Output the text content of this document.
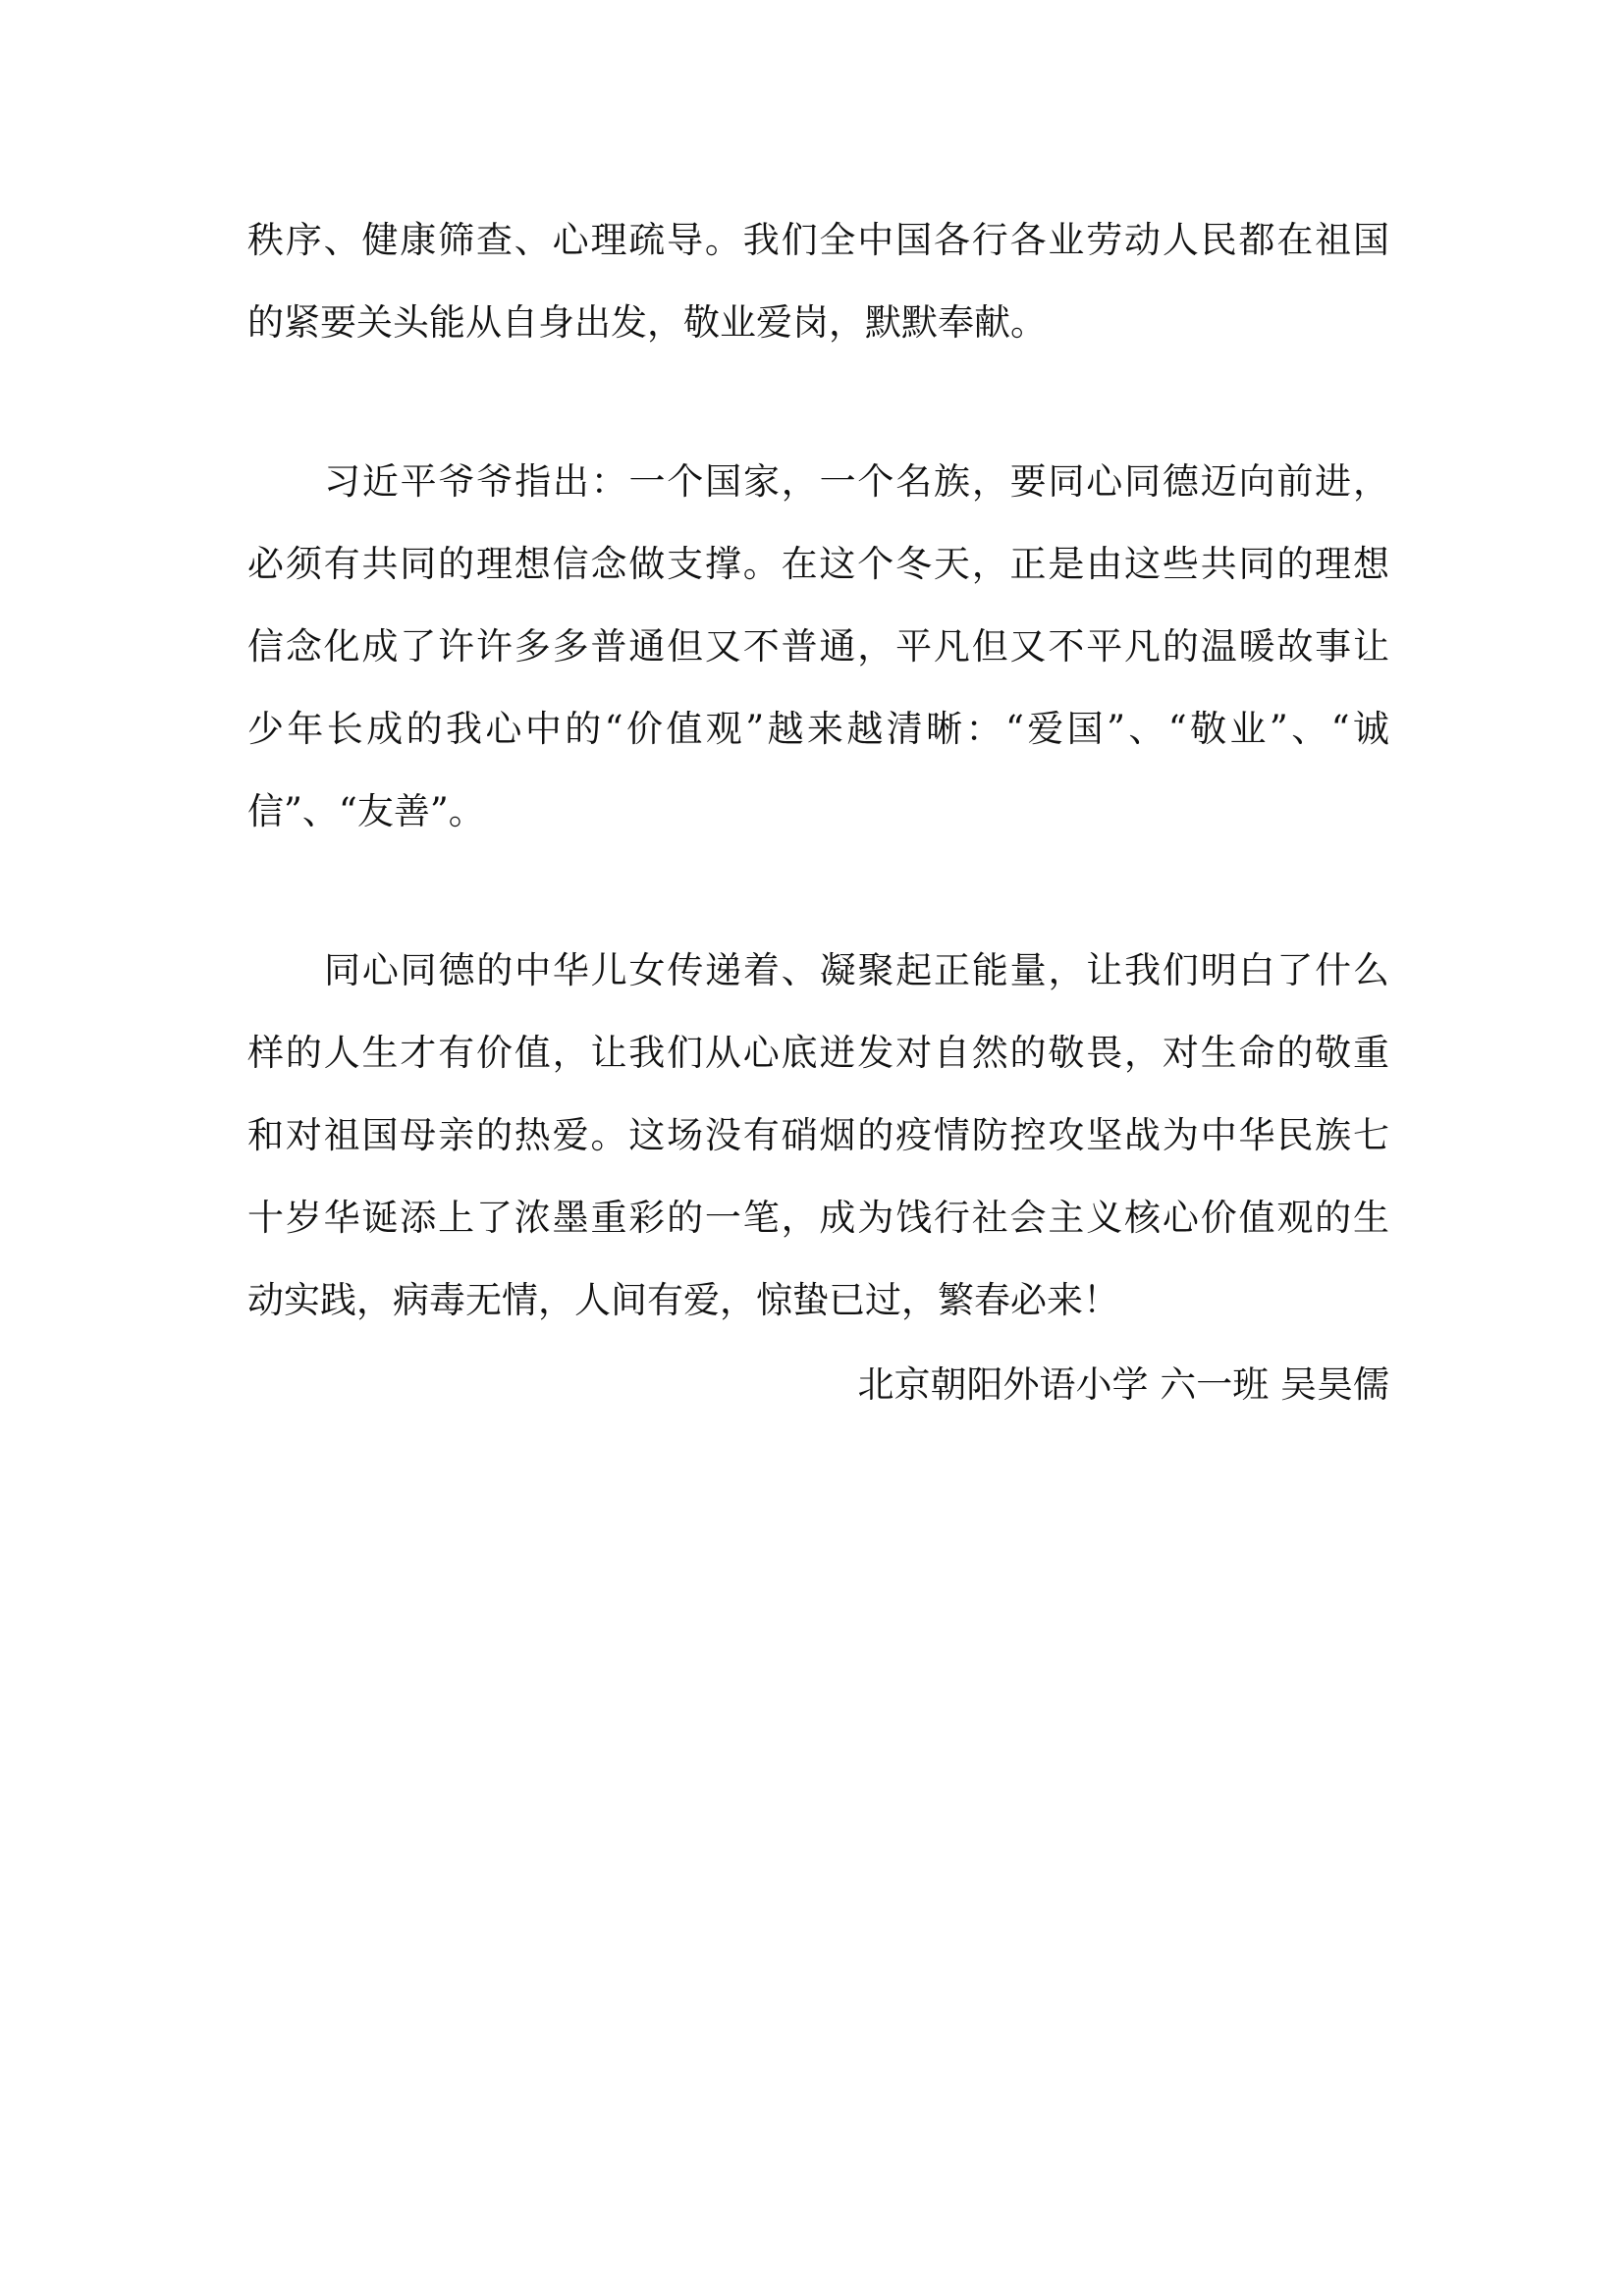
秩序、健康筛查、心理疏导。我们全中国各行各业劳动人民都在祖国
的紧要关头能从自身出发，敬业爱岗，默默奉献。
习近平爷爷指出：一个国家，一个名族，要同心同德迈向前进，
必须有共同的理想信念做支撑。在这个冬天，正是由这些共同的理想
信念化成了许许多多普通但又不普通，平凡但又不平凡的温暖故事让
少年长成的我心中的“价值观”越来越清晰：“爱国”、“敬业”、“诚
信”、“友善”。
同心同德的中华儿女传递着、凝聚起正能量，让我们明白了什么
样的人生才有价值，让我们从心底迸发对自然的敬畏，对生命的敬重
和对祖国母亲的热爱。这场没有硝烟的疫情防控攻坚战为中华民族七
十岁华诞添上了浓墨重彩的一笔，成为饯行社会主义核心价值观的生
动实践，病毒无情，人间有爱，惊蛰已过，繁春必来！
北京朝阳外语小学 六一班 吴昊儒
